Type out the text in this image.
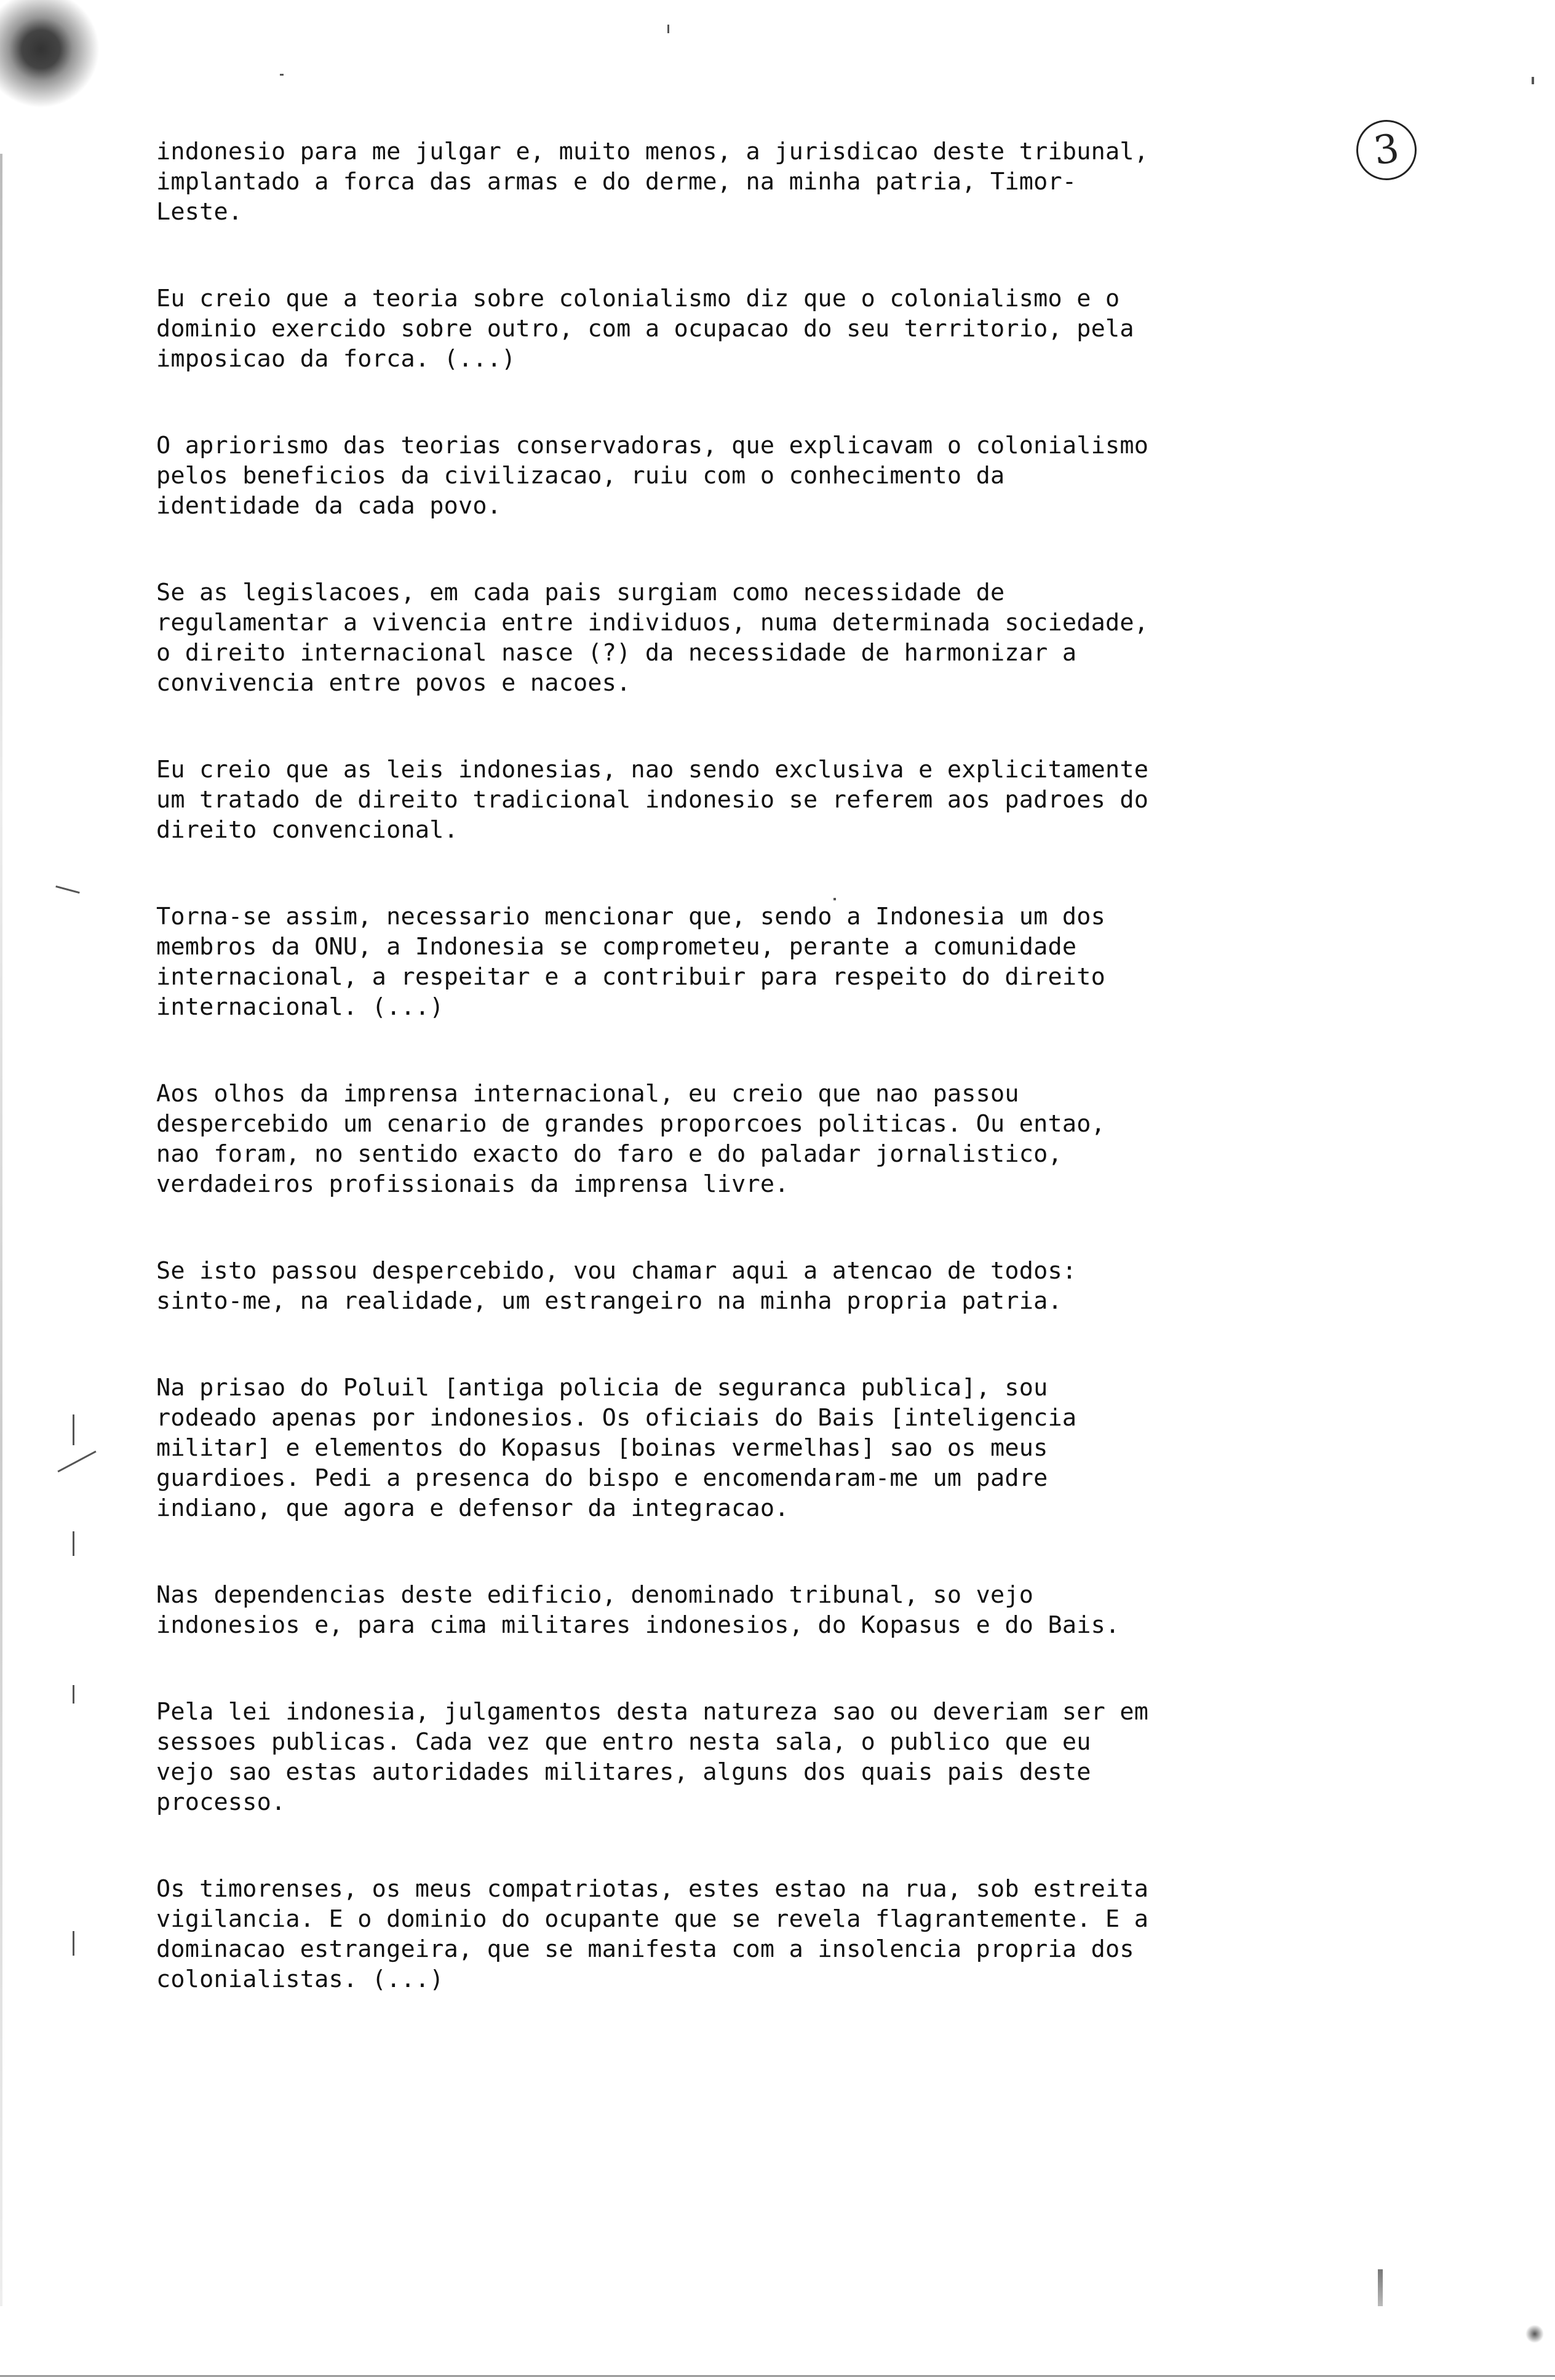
3

indonesio para me julgar e, muito menos, a jurisdicao deste tribunal,
implantado a forca das armas e do derme, na minha patria, Timor-
Leste.

Eu creio que a teoria sobre colonialismo diz que o colonialismo e o
dominio exercido sobre outro, com a ocupacao do seu territorio, pela
imposicao da forca. (...)

O apriorismo das teorias conservadoras, que explicavam o colonialismo
pelos beneficios da civilizacao, ruiu com o conhecimento da
identidade da cada povo.

Se as legislacoes, em cada pais surgiam como necessidade de
regulamentar a vivencia entre individuos, numa determinada sociedade,
o direito internacional nasce (?) da necessidade de harmonizar a
convivencia entre povos e nacoes.

Eu creio que as leis indonesias, nao sendo exclusiva e explicitamente
um tratado de direito tradicional indonesio se referem aos padroes do
direito convencional.

Torna-se assim, necessario mencionar que, sendo a Indonesia um dos
membros da ONU, a Indonesia se comprometeu, perante a comunidade
internacional, a respeitar e a contribuir para respeito do direito
internacional. (...)

Aos olhos da imprensa internacional, eu creio que nao passou
despercebido um cenario de grandes proporcoes politicas. Ou entao,
nao foram, no sentido exacto do faro e do paladar jornalistico,
verdadeiros profissionais da imprensa livre.

Se isto passou despercebido, vou chamar aqui a atencao de todos:
sinto-me, na realidade, um estrangeiro na minha propria patria.

Na prisao do Poluil [antiga policia de seguranca publica], sou
rodeado apenas por indonesios. Os oficiais do Bais [inteligencia
militar] e elementos do Kopasus [boinas vermelhas] sao os meus
guardioes. Pedi a presenca do bispo e encomendaram-me um padre
indiano, que agora e defensor da integracao.

Nas dependencias deste edificio, denominado tribunal, so vejo
indonesios e, para cima militares indonesios, do Kopasus e do Bais.

Pela lei indonesia, julgamentos desta natureza sao ou deveriam ser em
sessoes publicas. Cada vez que entro nesta sala, o publico que eu
vejo sao estas autoridades militares, alguns dos quais pais deste
processo.

Os timorenses, os meus compatriotas, estes estao na rua, sob estreita
vigilancia. E o dominio do ocupante que se revela flagrantemente. E a
dominacao estrangeira, que se manifesta com a insolencia propria dos
colonialistas. (...)
